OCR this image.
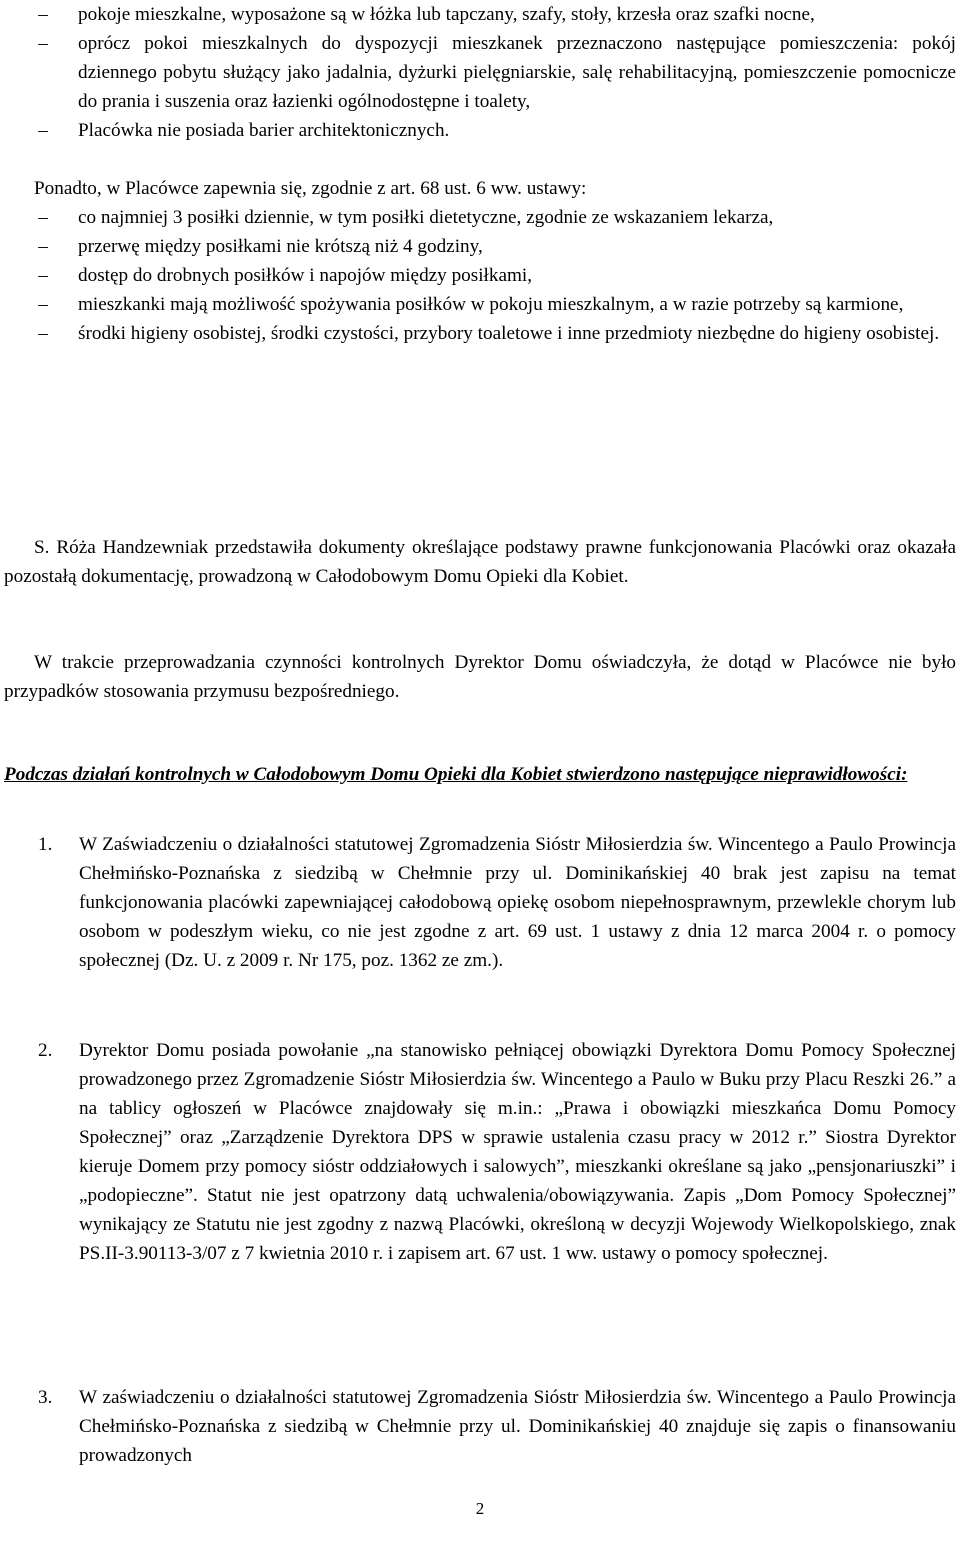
–	pokoje mieszkalne, wyposażone są w łóżka lub tapczany, szafy, stoły, krzesła oraz szafki nocne,
–	oprócz pokoi mieszkalnych do dyspozycji mieszkanek przeznaczono następujące pomieszczenia: pokój dziennego pobytu służący jako jadalnia, dyżurki pielęgniarskie, salę rehabilitacyjną, pomieszczenie pomocnicze do prania i suszenia oraz łazienki ogólnodostępne i toalety,
–	Placówka nie posiada barier architektonicznych.

Ponadto, w Placówce zapewnia się, zgodnie z art. 68 ust. 6 ww. ustawy:

–	co najmniej 3 posiłki dziennie, w tym posiłki dietetyczne, zgodnie ze wskazaniem lekarza,
–	przerwę między posiłkami nie krótszą niż 4 godziny,
–	dostęp do drobnych posiłków i napojów między posiłkami,
–	mieszkanki mają możliwość spożywania posiłków w pokoju mieszkalnym, a w razie potrzeby są karmione,
–	środki higieny osobistej, środki czystości, przybory toaletowe i inne przedmioty niezbędne do higieny osobistej.

S. Róża Handzewniak przedstawiła dokumenty określające podstawy prawne funkcjonowania Placówki oraz okazała pozostałą dokumentację, prowadzoną w Całodobowym Domu Opieki dla Kobiet.

W trakcie przeprowadzania czynności kontrolnych Dyrektor Domu oświadczyła, że dotąd w Placówce nie było przypadków stosowania przymusu bezpośredniego.

Podczas działań kontrolnych w Całodobowym Domu Opieki dla Kobiet stwierdzono następujące nieprawidłowości:

1. W Zaświadczeniu o działalności statutowej Zgromadzenia Sióstr Miłosierdzia św. Wincentego a Paulo Prowincja Chełmińsko-Poznańska z siedzibą w Chełmnie przy ul. Dominikańskiej 40 brak jest zapisu na temat funkcjonowania placówki zapewniającej całodobową opiekę osobom niepełnosprawnym, przewlekle chorym lub osobom w podeszłym wieku, co nie jest zgodne z art. 69 ust. 1 ustawy z dnia 12 marca 2004 r. o pomocy społecznej (Dz. U. z 2009 r. Nr 175, poz. 1362 ze zm.).
2. Dyrektor Domu posiada powołanie „na stanowisko pełniącej obowiązki Dyrektora Domu Pomocy Społecznej prowadzonego przez Zgromadzenie Sióstr Miłosierdzia św. Wincentego a Paulo w Buku przy Placu Reszki 26.” a na tablicy ogłoszeń w Placówce znajdowały się m.in.: „Prawa i obowiązki mieszkańca Domu Pomocy Społecznej” oraz „Zarządzenie Dyrektora DPS w sprawie ustalenia czasu pracy w 2012 r.” Siostra Dyrektor kieruje Domem przy pomocy sióstr oddziałowych i salowych”, mieszkanki określane są jako „pensjonariuszki” i „podopieczne”. Statut nie jest opatrzony datą uchwalenia/obowiązywania. Zapis „Dom Pomocy Społecznej” wynikający ze Statutu nie jest zgodny z nazwą Placówki, określoną w decyzji Wojewody Wielkopolskiego, znak PS.II-3.90113-3/07 z 7 kwietnia 2010 r. i zapisem art. 67 ust. 1 ww. ustawy o pomocy społecznej.
3. W zaświadczeniu o działalności statutowej Zgromadzenia Sióstr Miłosierdzia św. Wincentego a Paulo Prowincja Chełmińsko-Poznańska z siedzibą w Chełmnie przy ul. Dominikańskiej 40 znajduje się zapis o finansowaniu prowadzonych
2
